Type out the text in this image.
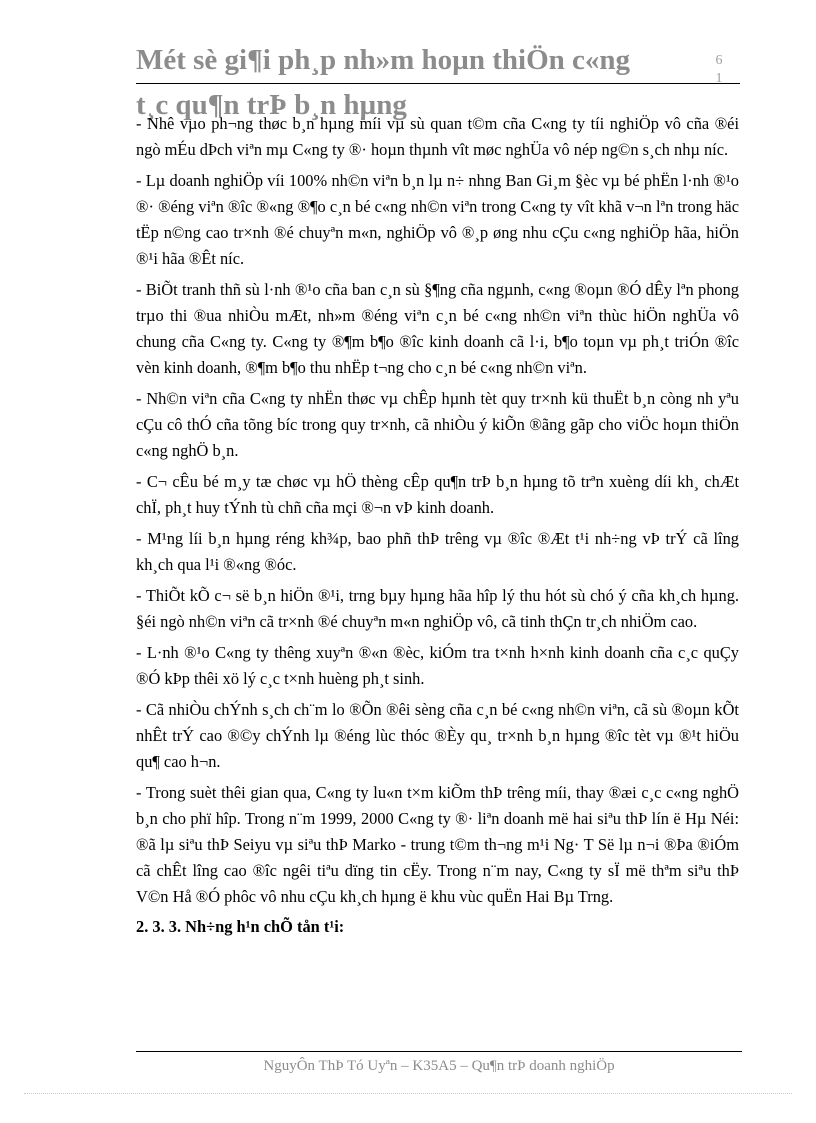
Mét sè gi¶i ph¸p nh»m hoµn thiÖn c«ng
t¸c qu¶n trÞ b¸n hµng
6
1

- Nhê vµo ph¬ng thøc b¸n hµng míi vµ sù quan t©m cña C«ng ty tíi nghiÖp vô cña ®éi ngò mÉu dÞch viªn mµ C«ng ty ®· hoµn thµnh vît møc nghÜa vô nép ng©n s¸ch nhµ níc.

- Lµ doanh nghiÖp víi 100% nh©n viªn b¸n lµ n÷ nhng Ban Gi¸m §èc vµ bé phËn l·nh ®¹o ®· ®éng viªn ®îc ®«ng ®¶o c¸n bé c«ng nh©n viªn trong C«ng ty vît khã v¬n lªn trong häc tËp n©ng cao tr×nh ®é chuyªn m«n, nghiÖp vô ®¸p øng nhu cÇu c«ng nghiÖp hãa, hiÖn ®¹i hãa ®Êt níc.

- BiÕt tranh thñ sù l·nh ®¹o cña ban c¸n sù §¶ng cña ngµnh, c«ng ®oµn ®Ó dÊy lªn phong trµo thi ®ua nhiÒu mÆt, nh»m ®éng viªn c¸n bé c«ng nh©n viªn thùc hiÖn nghÜa vô chung cña C«ng ty. C«ng ty ®¶m b¶o ®îc kinh doanh cã l·i, b¶o toµn vµ ph¸t triÓn ®îc vèn kinh doanh, ®¶m b¶o thu nhËp t¬ng cho c¸n bé c«ng nh©n viªn.

- Nh©n viªn cña C«ng ty nhËn thøc vµ chÊp hµnh tèt quy tr×nh kü thuËt b¸n còng nh yªu cÇu cô thÓ cña tõng bíc trong quy tr×nh, cã nhiÒu ý kiÕn ®ãng gãp cho viÖc hoµn thiÖn c«ng nghÖ b¸n.

- C¬ cÊu bé m¸y tæ chøc vµ hÖ thèng cÊp qu¶n trÞ b¸n hµng tõ trªn xuèng díi kh¸ chÆt chÏ, ph¸t huy tÝnh tù chñ cña mçi ®¬n vÞ kinh doanh.

- M¹ng líi b¸n hµng réng kh¾p, bao phñ thÞ trêng vµ ®îc ®Æt t¹i nh÷ng vÞ trÝ cã lîng kh¸ch qua l¹i ®«ng ®óc.

- ThiÕt kÕ c¬ së b¸n hiÖn ®¹i, trng bµy hµng hãa hîp lý thu hót sù chó ý cña kh¸ch hµng. §éi ngò nh©n viªn cã tr×nh ®é chuyªn m«n nghiÖp vô, cã tinh thÇn tr¸ch nhiÖm cao.

- L·nh ®¹o C«ng ty thêng xuyªn ®«n ®èc, kiÓm tra t×nh h×nh kinh doanh cña c¸c quÇy ®Ó kÞp thêi xö lý c¸c t×nh huèng ph¸t sinh.

- Cã nhiÒu chÝnh s¸ch ch¨m lo ®Õn ®êi sèng cña c¸n bé c«ng nh©n viªn, cã sù ®oµn kÕt nhÊt trÝ cao ®©y chÝnh lµ ®éng lùc thóc ®Èy qu¸ tr×nh b¸n hµng ®îc tèt vµ ®¹t hiÖu qu¶ cao h¬n.

- Trong suèt thêi gian qua, C«ng ty lu«n t×m kiÕm thÞ trêng míi, thay ®æi c¸c c«ng nghÖ b¸n cho phï hîp. Trong n¨m 1999, 2000 C«ng ty ®· liªn doanh më hai siªu thÞ lín ë Hµ Néi: ®ã lµ siªu thÞ Seiyu vµ siªu thÞ Marko - trung t©m th¬ng m¹i Ng· T Së lµ n¬i ®Þa ®iÓm cã chÊt lîng cao ®îc ngêi tiªu dïng tin cËy. Trong n¨m nay, C«ng ty sÏ më thªm siªu thÞ V©n Hå ®Ó phôc vô nhu cÇu kh¸ch hµng ë khu vùc quËn Hai Bµ Trng.

2. 3. 3. Nh÷ng h¹n chÕ tån t¹i:

NguyÔn ThÞ Tó Uyªn – K35A5 – Qu¶n trÞ doanh nghiÖp
